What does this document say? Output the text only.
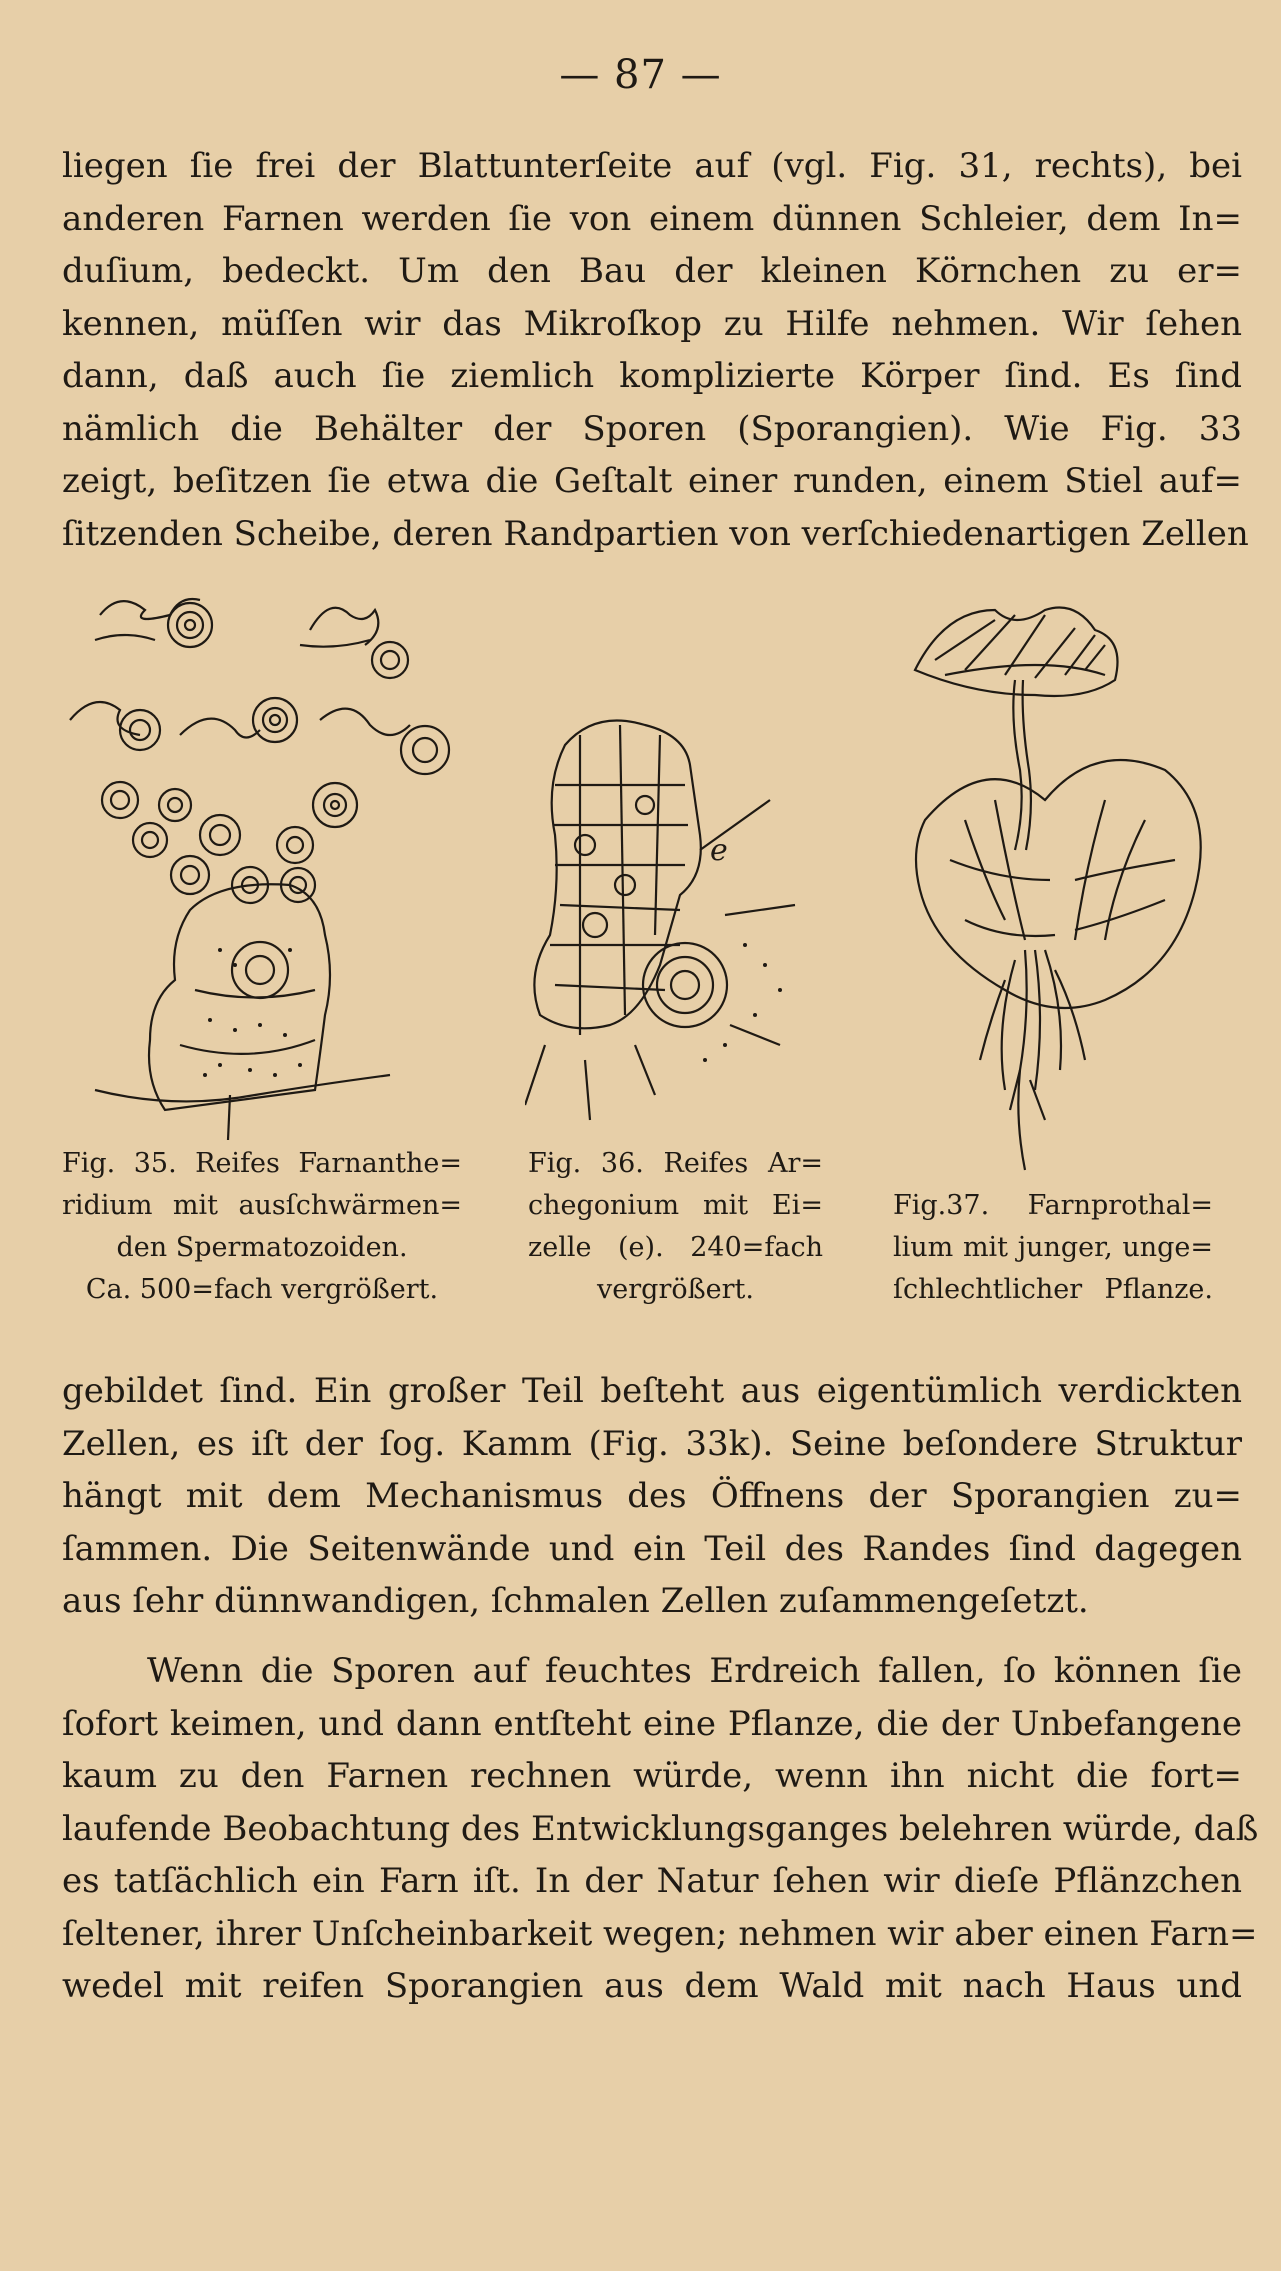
— 87 —
liegen ſie frei der Blattunterſeite auf (vgl. Fig. 31, rechts), bei
anderen Farnen werden ſie von einem dünnen Schleier, dem In=
duſium, bedeckt. Um den Bau der kleinen Körnchen zu er=
kennen, müſſen wir das Mikroſkop zu Hilfe nehmen. Wir ſehen
dann, daß auch ſie ziemlich komplizierte Körper ſind. Es ſind
nämlich die Behälter der Sporen (Sporangien). Wie Fig. 33
zeigt, beſitzen ſie etwa die Geſtalt einer runden, einem Stiel auf=
ſitzenden Scheibe, deren Randpartien von verſchiedenartigen Zellen
Fig. 35. Reifes Farnanthe=
ridium mit ausſchwärmen=
den Spermatozoiden.
Ca. 500=fach vergrößert.
e
Fig. 36. Reifes Ar=
chegonium mit Ei=
zelle (e). 240=fach
vergrößert.
Fig.37. Farnprothal=
lium mit junger, unge=
ſchlechtlicher Pflanze.
gebildet ſind. Ein großer Teil beſteht aus eigentümlich verdickten
Zellen, es iſt der ſog. Kamm (Fig. 33k). Seine beſondere Struktur
hängt mit dem Mechanismus des Öffnens der Sporangien zu=
ſammen. Die Seitenwände und ein Teil des Randes ſind dagegen
aus ſehr dünnwandigen, ſchmalen Zellen zuſammengeſetzt.
Wenn die Sporen auf feuchtes Erdreich fallen, ſo können ſie
ſofort keimen, und dann entſteht eine Pflanze, die der Unbefangene
kaum zu den Farnen rechnen würde, wenn ihn nicht die fort=
laufende Beobachtung des Entwicklungsganges belehren würde, daß
es tatſächlich ein Farn iſt. In der Natur ſehen wir dieſe Pflänzchen
ſeltener, ihrer Unſcheinbarkeit wegen; nehmen wir aber einen Farn=
wedel mit reifen Sporangien aus dem Wald mit nach Haus und
